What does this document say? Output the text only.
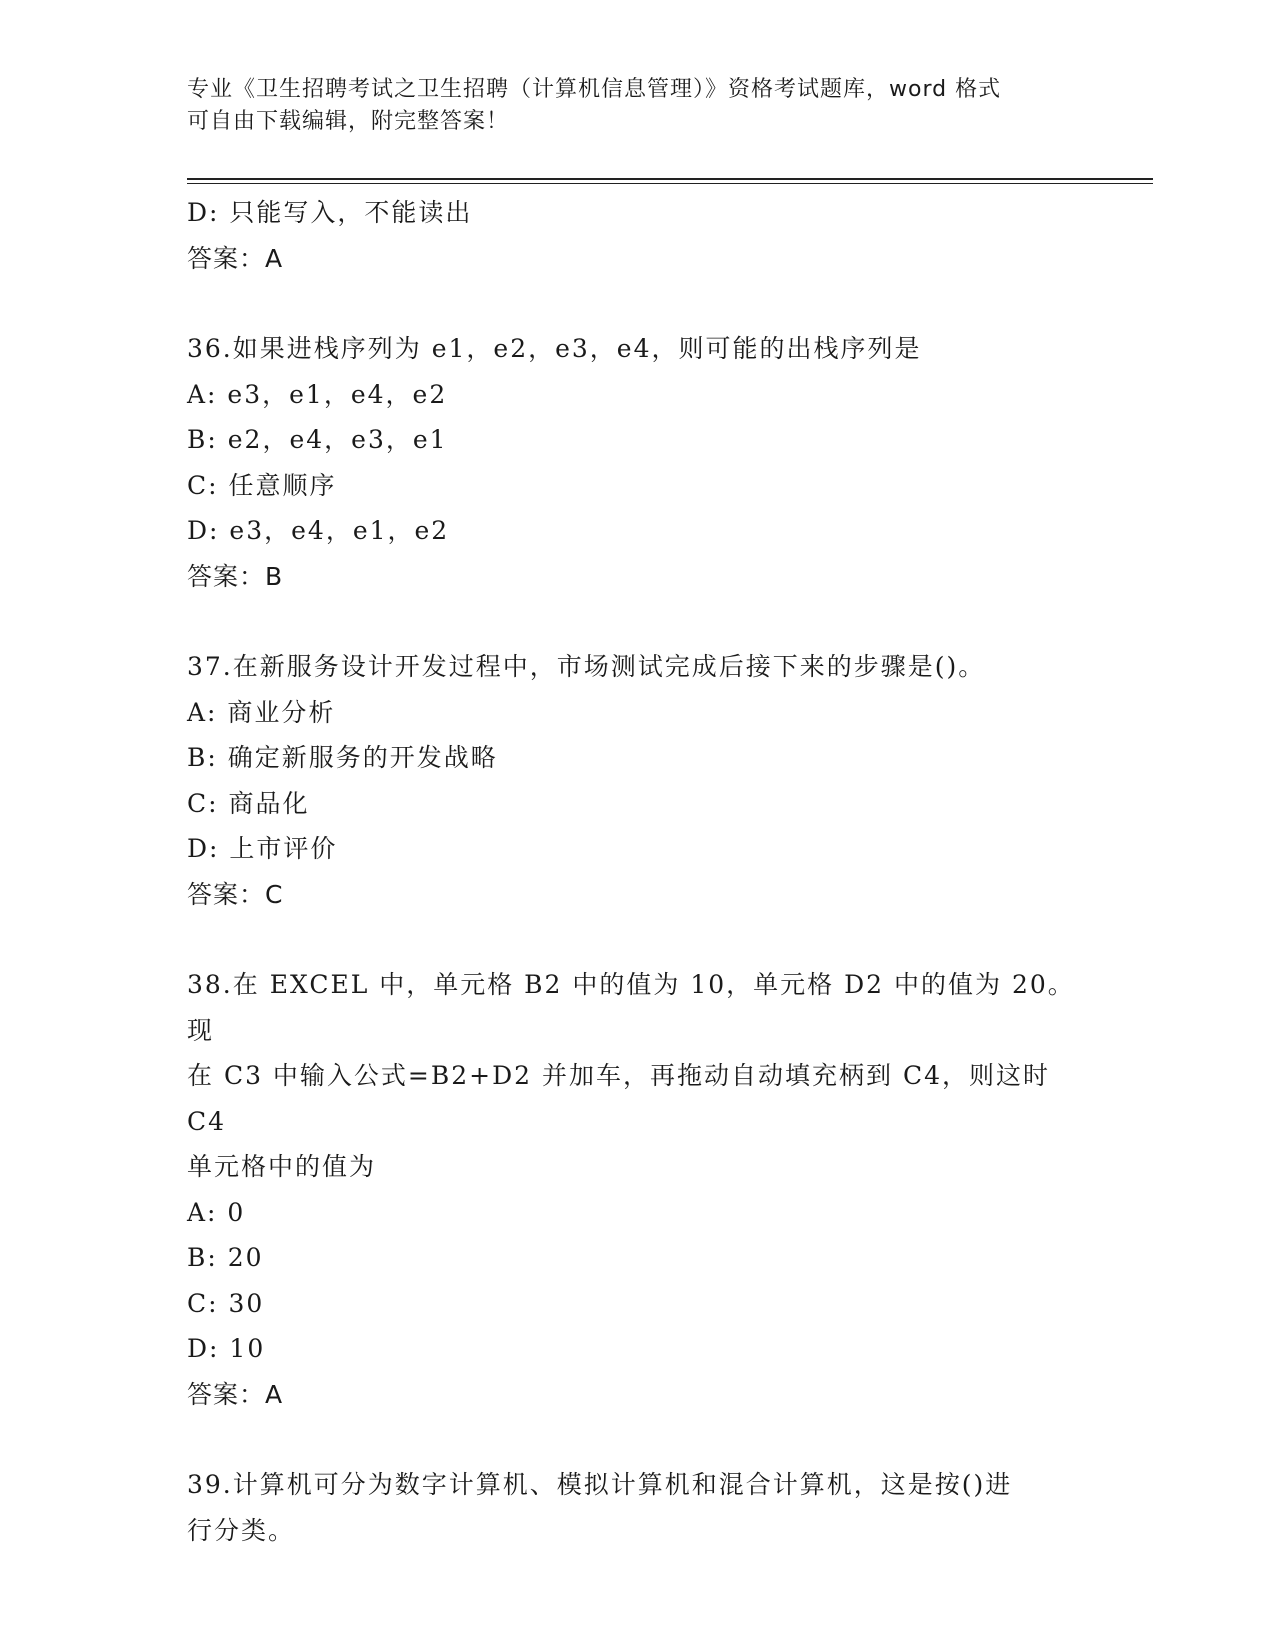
专业《卫生招聘考试之卫生招聘（计算机信息管理）》资格考试题库，word 格式
可自由下载编辑，附完整答案！
D: 只能写入，不能读出
答案：A
36.如果进栈序列为 e1，e2，e3，e4，则可能的出栈序列是
A: e3，e1，e4，e2
B: e2，e4，e3，e1
C: 任意顺序
D: e3，e4，e1，e2
答案：B
37.在新服务设计开发过程中，市场测试完成后接下来的步骤是()。
A: 商业分析
B: 确定新服务的开发战略
C: 商品化
D: 上市评价
答案：C
38.在 EXCEL 中，单元格 B2 中的值为 10，单元格 D2 中的值为 20。现
在 C3 中输入公式=B2+D2 并加车，再拖动自动填充柄到 C4，则这时 C4
单元格中的值为
A: 0
B: 20
C: 30
D: 10
答案：A
39.计算机可分为数字计算机、模拟计算机和混合计算机，这是按()进
行分类。
